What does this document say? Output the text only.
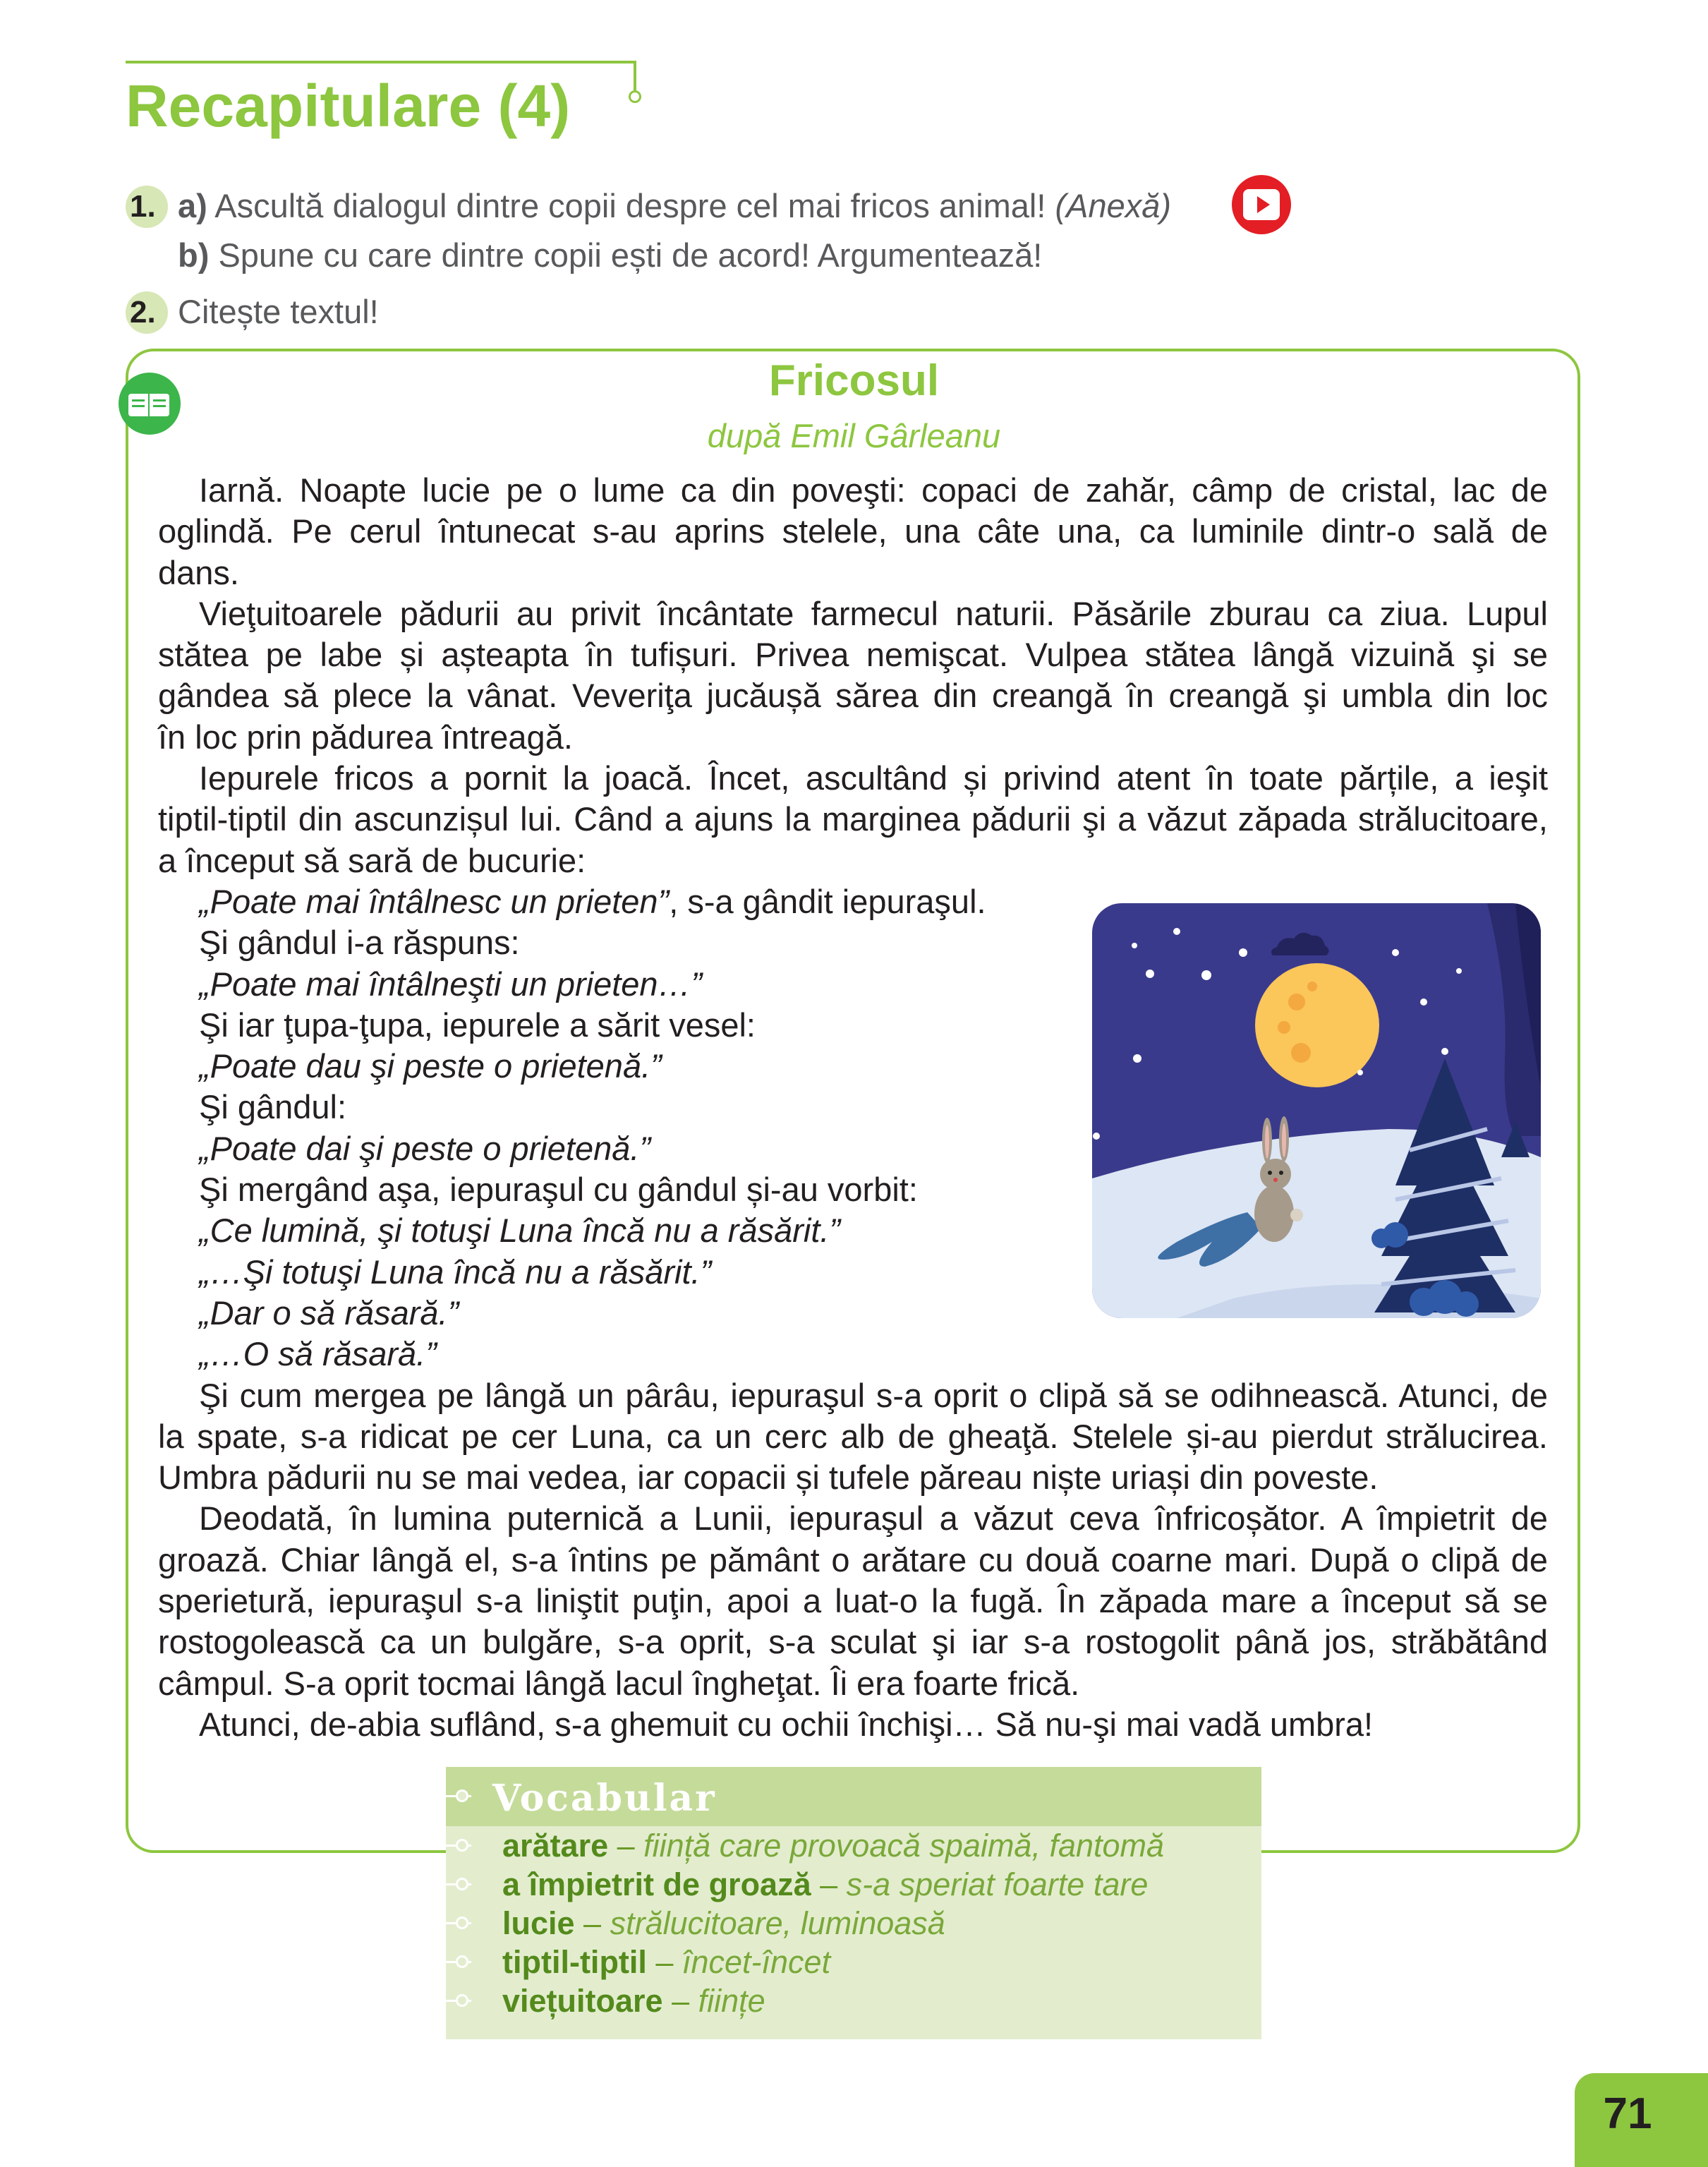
Recapitulare (4)
1. a) Ascultă dialogul dintre copii despre cel mai fricos animal! (Anexă)
b) Spune cu care dintre copii ești de acord! Argumentează!
2. Citește textul!
Fricosul
după Emil Gârleanu

Iarnă. Noapte lucie pe o lume ca din poveşti: copaci de zahăr, câmp de cristal, lac de
oglindă. Pe cerul întunecat s-au aprins stelele, una câte una, ca luminile dintr-o sală de
dans.

Vieţuitoarele pădurii au privit încântate farmecul naturii. Păsările zburau ca ziua. Lupul
stătea pe labe și așteapta în tufișuri. Privea nemişcat. Vulpea stătea lângă vizuină şi se
gândea să plece la vânat. Veveriţa jucăușă sărea din creangă în creangă şi umbla din loc
în loc prin pădurea întreagă.

Iepurele fricos a pornit la joacă. Încet, ascultând și privind atent în toate părțile, a ieşit
tiptil-tiptil din ascunzișul lui. Când a ajuns la marginea pădurii şi a văzut zăpada strălucitoare,
a început să sară de bucurie:

„Poate mai întâlnesc un prieten”, s-a gândit iepuraşul.
Şi gândul i-a răspuns:
„Poate mai întâlneşti un prieten…”
Şi iar ţupa-ţupa, iepurele a sărit vesel:
„Poate dau şi peste o prietenă.”
Şi gândul:
„Poate dai şi peste o prietenă.”
Şi mergând aşa, iepuraşul cu gândul și-au vorbit:
„Ce lumină, şi totuşi Luna încă nu a răsărit.”
„…Şi totuşi Luna încă nu a răsărit.”
„Dar o să răsară.”
„…O să răsară.”

Şi cum mergea pe lângă un pârâu, iepuraşul s-a oprit o clipă să se odihnească. Atunci, de
la spate, s-a ridicat pe cer Luna, ca un cerc alb de gheaţă. Stelele și-au pierdut strălucirea.
Umbra pădurii nu se mai vedea, iar copacii și tufele păreau niște uriași din poveste.

Deodată, în lumina puternică a Lunii, iepuraşul a văzut ceva înfricoșător. A împietrit de
groază. Chiar lângă el, s-a întins pe pământ o arătare cu două coarne mari. După o clipă de
sperietură, iepuraşul s-a liniştit puţin, apoi a luat-o la fugă. În zăpada mare a început să se
rostogolească ca un bulgăre, s-a oprit, s-a sculat şi iar s-a rostogolit până jos, străbătând
câmpul. S-a oprit tocmai lângă lacul îngheţat. Îi era foarte frică.

Atunci, de-abia suflând, s-a ghemuit cu ochii închişi… Să nu-şi mai vadă umbra!

Vocabular
arătare – ființă care provoacă spaimă, fantomă
a împietrit de groază – s-a speriat foarte tare
lucie – strălucitoare, luminoasă
tiptil-tiptil – încet-încet
viețuitoare – ființe
71
